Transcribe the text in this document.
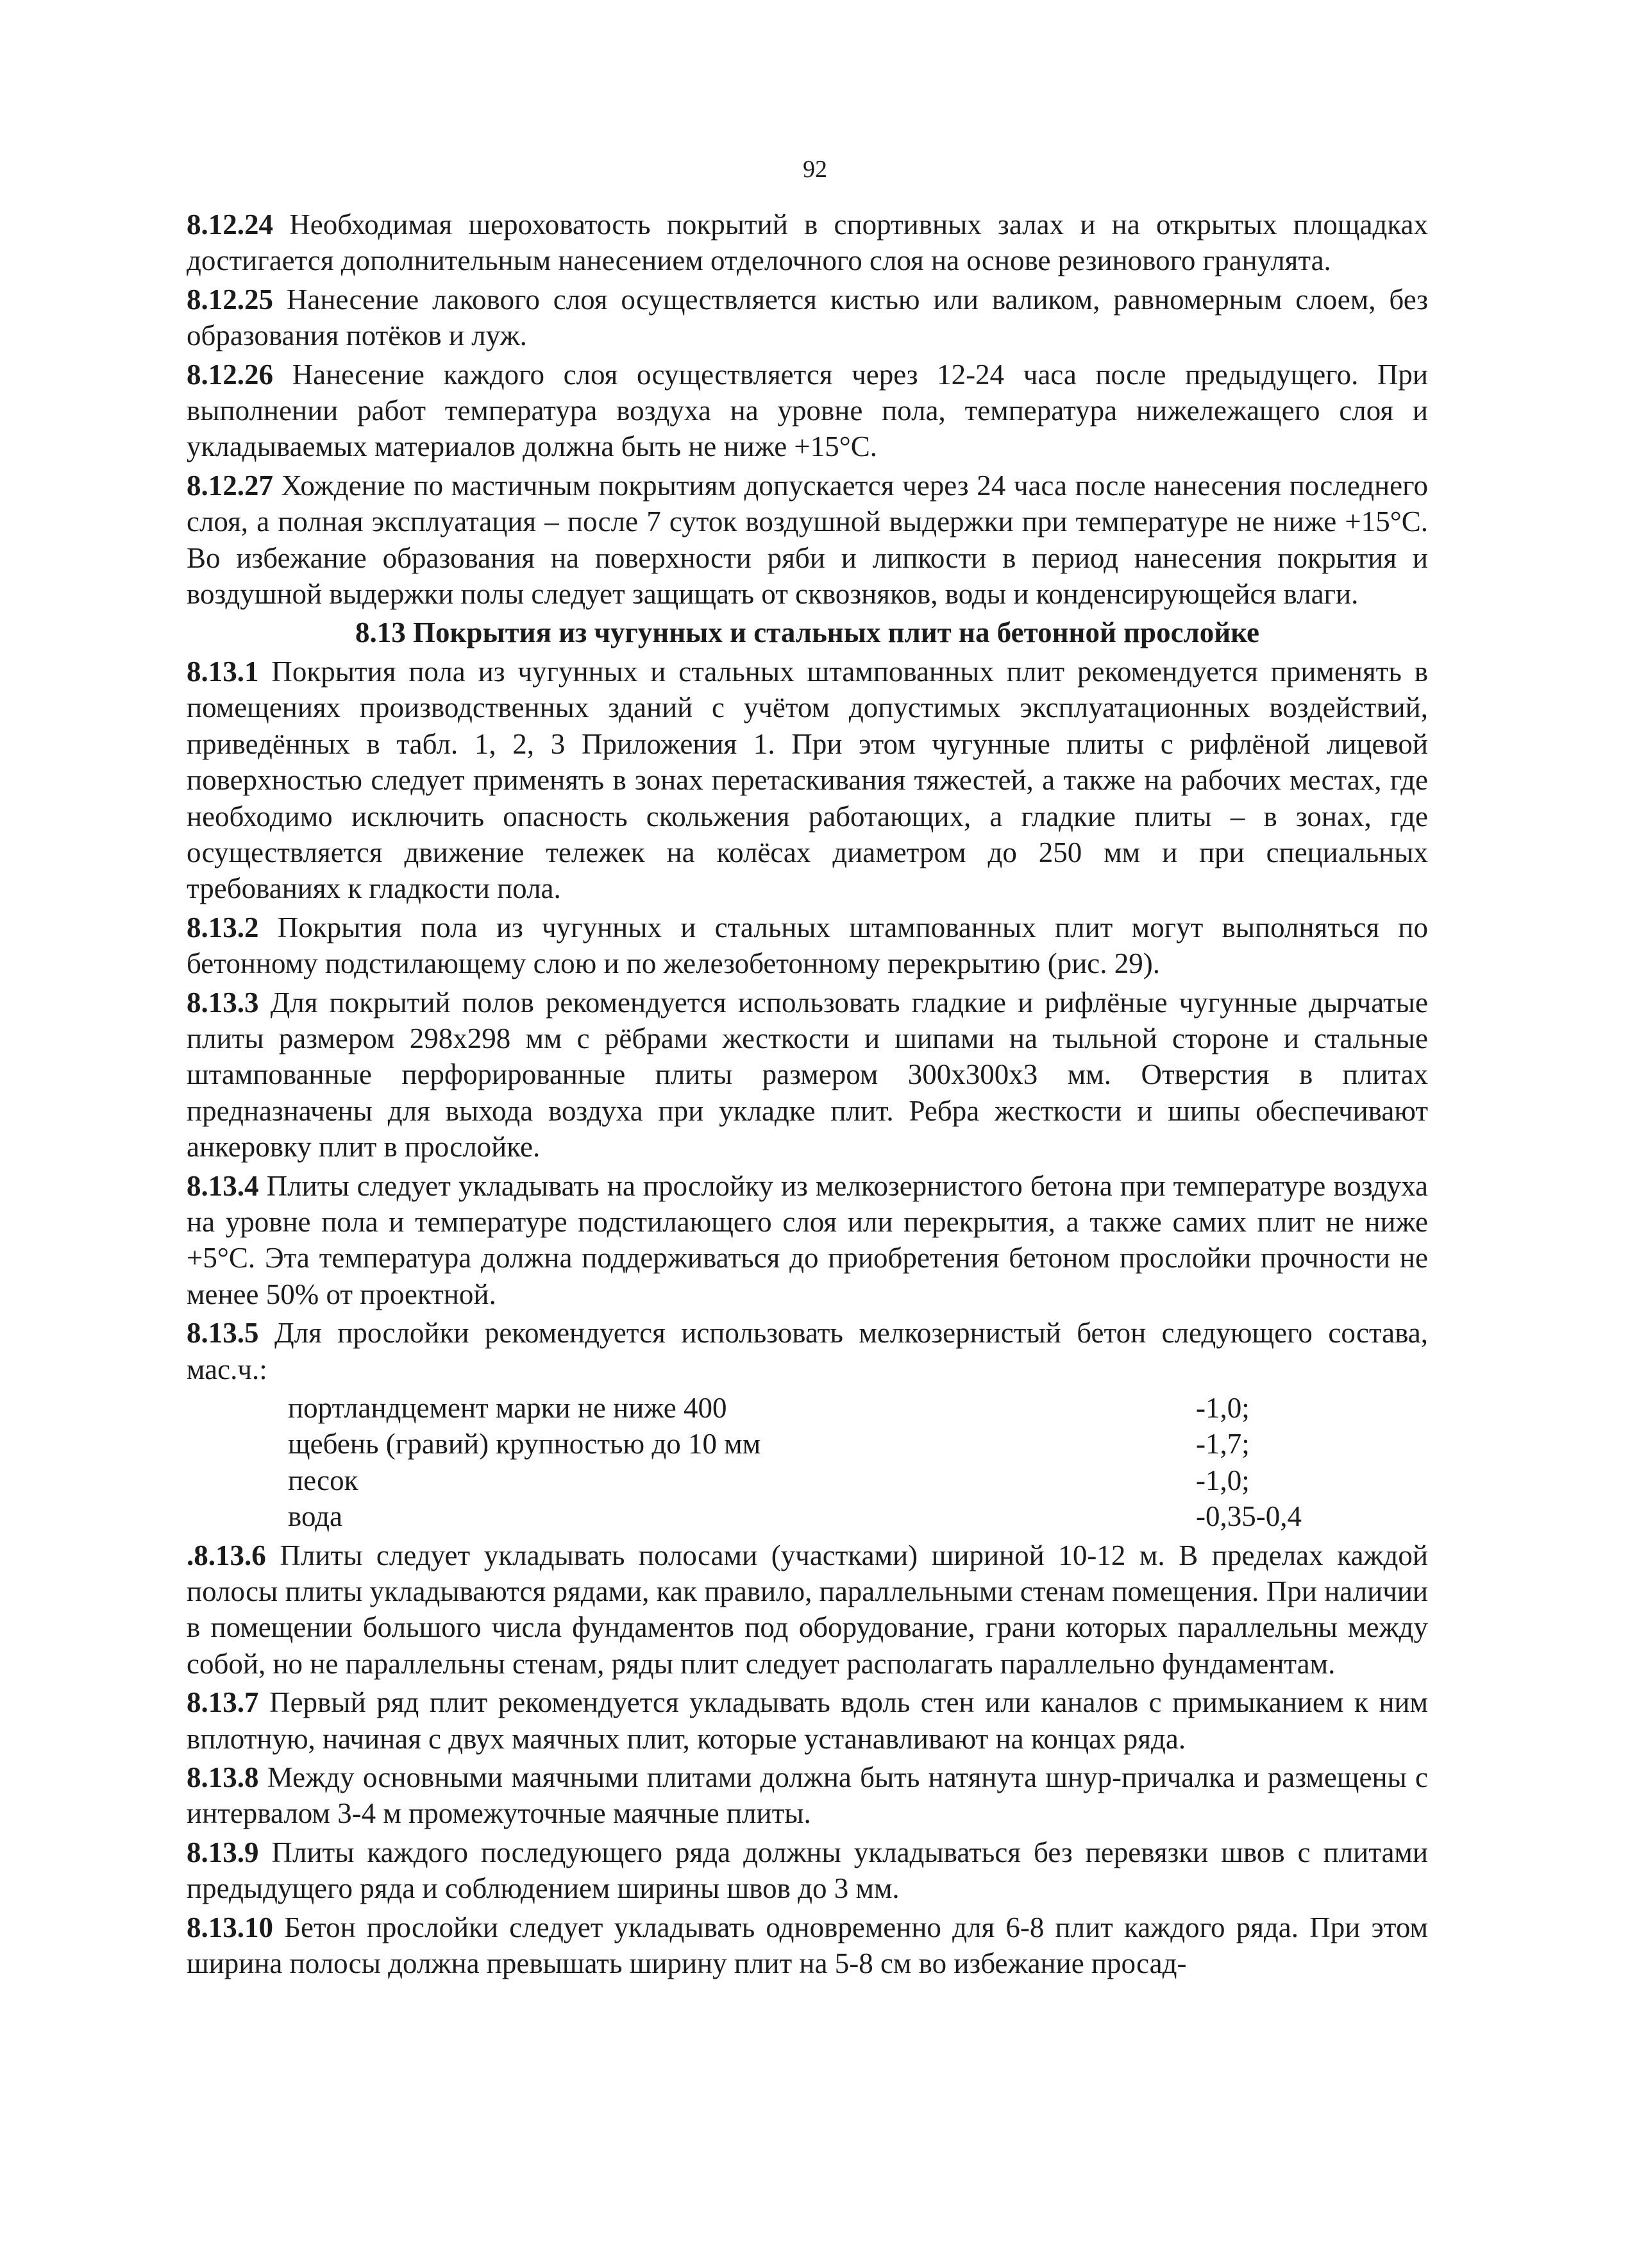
92

8.12.24 Необходимая шероховатость покрытий в спортивных залах и на открытых площадках достигается дополнительным нанесением отделочного слоя на основе резинового гранулята.

8.12.25 Нанесение лакового слоя осуществляется кистью или валиком, равномерным слоем, без образования потёков и луж.

8.12.26 Нанесение каждого слоя осуществляется через 12-24 часа после предыдущего. При выполнении работ температура воздуха на уровне пола, температура нижележащего слоя и укладываемых материалов должна быть не ниже +15°С.

8.12.27 Хождение по мастичным покрытиям допускается через 24 часа после нанесения последнего слоя, а полная эксплуатация – после 7 суток воздушной выдержки при температуре не ниже +15°С. Во избежание образования на поверхности ряби и липкости в период нанесения покрытия и воздушной выдержки полы следует защищать от сквозняков, воды и конденсирующейся влаги.

8.13 Покрытия из чугунных и стальных плит на бетонной прослойке

8.13.1 Покрытия пола из чугунных и стальных штампованных плит рекомендуется применять в помещениях производственных зданий с учётом допустимых эксплуатационных воздействий, приведённых в табл. 1, 2, 3 Приложения 1. При этом чугунные плиты с рифлёной лицевой поверхностью следует применять в зонах перетаскивания тяжестей, а также на рабочих местах, где необходимо исключить опасность скольжения работающих, а гладкие плиты – в зонах, где осуществляется движение тележек на колёсах диаметром до 250 мм и при специальных требованиях к гладкости пола.

8.13.2 Покрытия пола из чугунных и стальных штампованных плит могут выполняться по бетонному подстилающему слою и по железобетонному перекрытию (рис. 29).

8.13.3 Для покрытий полов рекомендуется использовать гладкие и рифлёные чугунные дырчатые плиты размером 298х298 мм с рёбрами жесткости и шипами на тыльной стороне и стальные штампованные перфорированные плиты размером 300х300х3 мм. Отверстия в плитах предназначены для выхода воздуха при укладке плит. Ребра жесткости и шипы обеспечивают анкеровку плит в прослойке.

8.13.4 Плиты следует укладывать на прослойку из мелкозернистого бетона при температуре воздуха на уровне пола и температуре подстилающего слоя или перекрытия, а также самих плит не ниже +5°С. Эта температура должна поддерживаться до приобретения бетоном прослойки прочности не менее 50% от проектной.

8.13.5 Для прослойки рекомендуется использовать мелкозернистый бетон следующего состава, мас.ч.:

портландцемент марки не ниже 400	-1,0;
щебень (гравий) крупностью до 10 мм	-1,7;
песок	-1,0;
вода	-0,35-0,4

.8.13.6 Плиты следует укладывать полосами (участками) шириной 10-12 м. В пределах каждой полосы плиты укладываются рядами, как правило, параллельными стенам помещения. При наличии в помещении большого числа фундаментов под оборудование, грани которых параллельны между собой, но не параллельны стенам, ряды плит следует располагать параллельно фундаментам.

8.13.7 Первый ряд плит рекомендуется укладывать вдоль стен или каналов с примыканием к ним вплотную, начиная с двух маячных плит, которые устанавливают на концах ряда.

8.13.8 Между основными маячными плитами должна быть натянута шнур-причалка и размещены с интервалом 3-4 м промежуточные маячные плиты.

8.13.9 Плиты каждого последующего ряда должны укладываться без перевязки швов с плитами предыдущего ряда и соблюдением ширины швов до 3 мм.

8.13.10 Бетон прослойки следует укладывать одновременно для 6-8 плит каждого ряда. При этом ширина полосы должна превышать ширину плит на 5-8 см во избежание просад-
